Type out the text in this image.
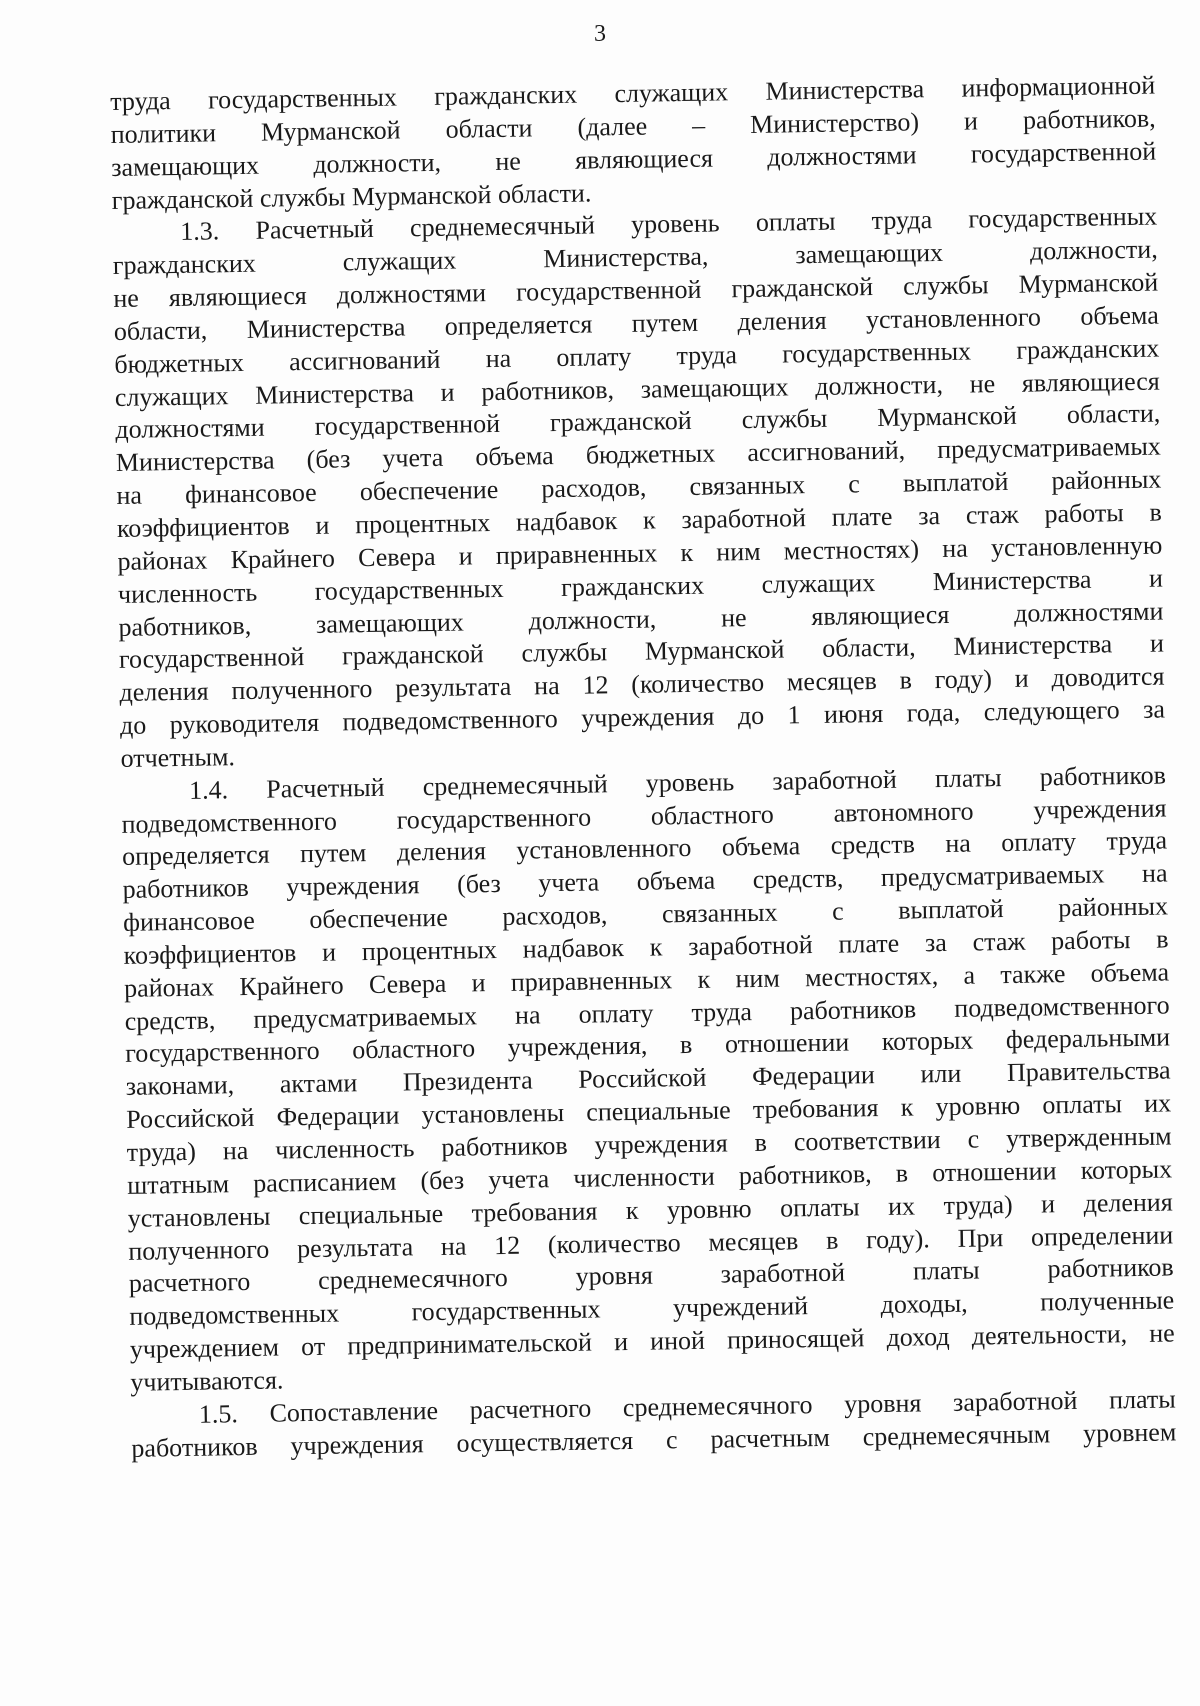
3
труда государственных гражданских служащих Министерства информационной
политики Мурманской области (далее – Министерство) и работников,
замещающих должности, не являющиеся должностями государственной
гражданской службы Мурманской области.
1.3. Расчетный среднемесячный уровень оплаты труда государственных
гражданских служащих Министерства, замещающих должности,
не являющиеся должностями государственной гражданской службы Мурманской
области, Министерства определяется путем деления установленного объема
бюджетных ассигнований на оплату труда государственных гражданских
служащих Министерства и работников, замещающих должности, не являющиеся
должностями государственной гражданской службы Мурманской области,
Министерства (без учета объема бюджетных ассигнований, предусматриваемых
на финансовое обеспечение расходов, связанных с выплатой районных
коэффициентов и процентных надбавок к заработной плате за стаж работы в
районах Крайнего Севера и приравненных к ним местностях) на установленную
численность государственных гражданских служащих Министерства и
работников, замещающих должности, не являющиеся должностями
государственной гражданской службы Мурманской области, Министерства и
деления полученного результата на 12 (количество месяцев в году) и доводится
до руководителя подведомственного учреждения до 1 июня года, следующего за
отчетным.
1.4. Расчетный среднемесячный уровень заработной платы работников
подведомственного государственного областного автономного учреждения
определяется путем деления установленного объема средств на оплату труда
работников учреждения (без учета объема средств, предусматриваемых на
финансовое обеспечение расходов, связанных с выплатой районных
коэффициентов и процентных надбавок к заработной плате за стаж работы в
районах Крайнего Севера и приравненных к ним местностях, а также объема
средств, предусматриваемых на оплату труда работников подведомственного
государственного областного учреждения, в отношении которых федеральными
законами, актами Президента Российской Федерации или Правительства
Российской Федерации установлены специальные требования к уровню оплаты их
труда) на численность работников учреждения в соответствии с утвержденным
штатным расписанием (без учета численности работников, в отношении которых
установлены специальные требования к уровню оплаты их труда) и деления
полученного результата на 12 (количество месяцев в году). При определении
расчетного среднемесячного уровня заработной платы работников
подведомственных государственных учреждений доходы, полученные
учреждением от предпринимательской и иной приносящей доход деятельности, не
учитываются.
1.5. Сопоставление расчетного среднемесячного уровня заработной платы
работников учреждения осуществляется с расчетным среднемесячным уровнем
